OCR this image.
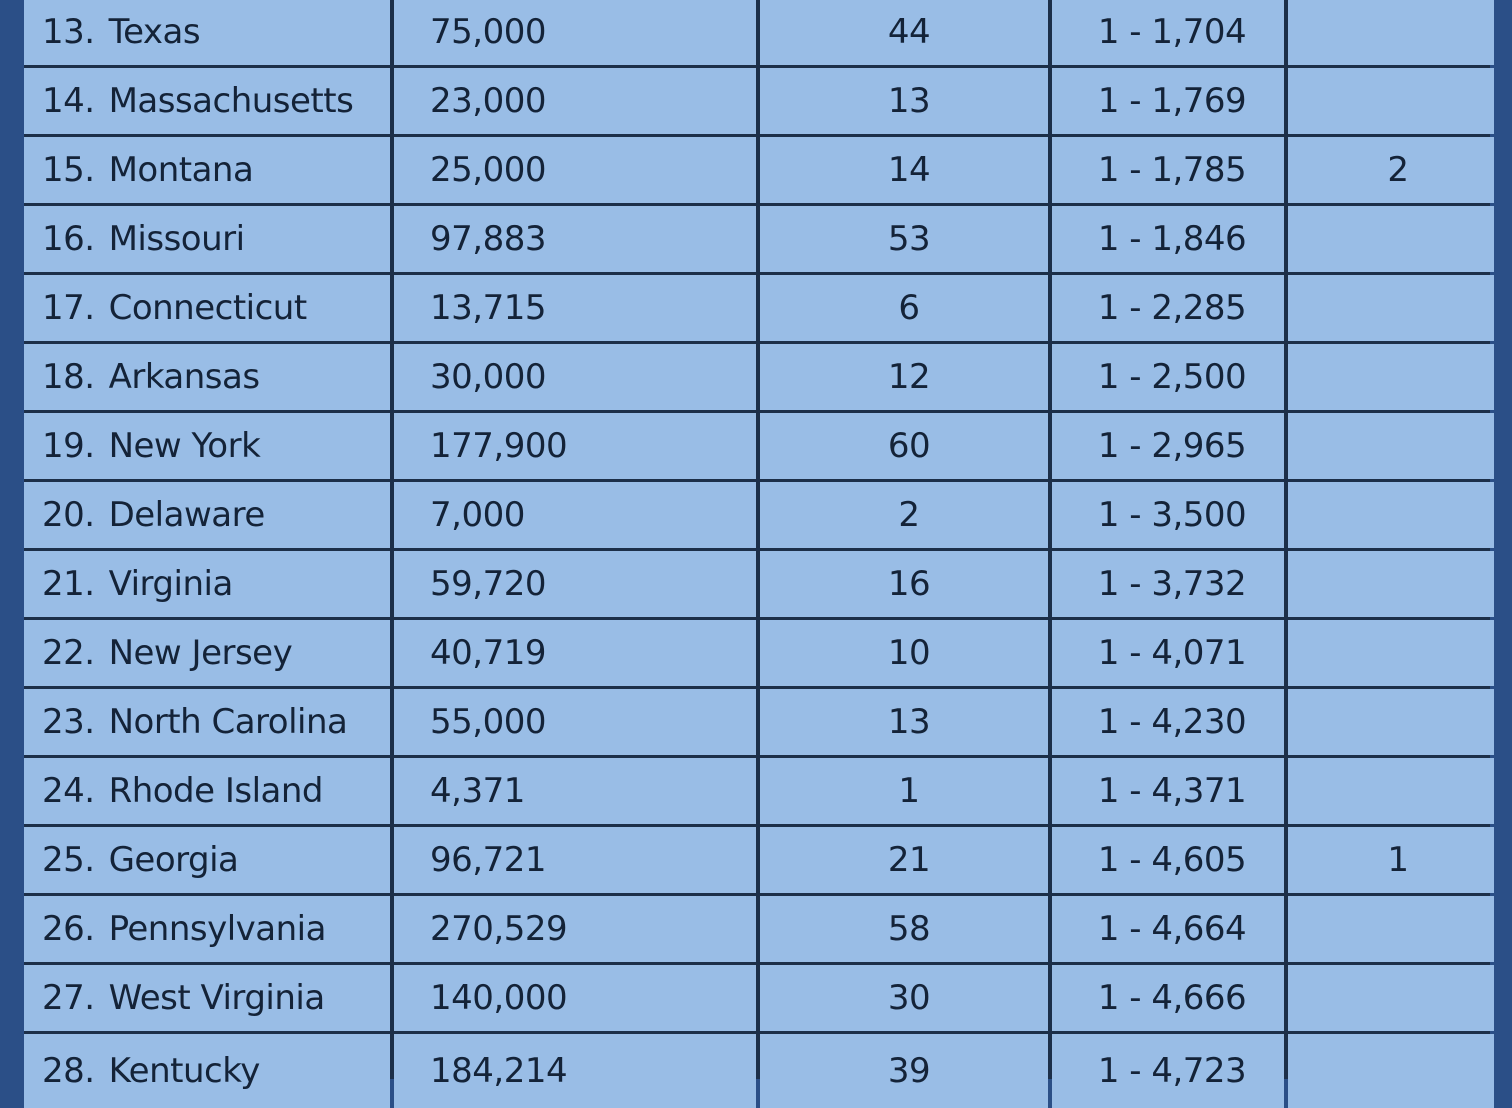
13. Texas	75,000	44	1 - 1,704
14. Massachusetts	23,000	13	1 - 1,769
15. Montana	25,000	14	1 - 1,785	2
16. Missouri	97,883	53	1 - 1,846
17. Connecticut	13,715	6	1 - 2,285
18. Arkansas	30,000	12	1 - 2,500
19. New York	177,900	60	1 - 2,965
20. Delaware	7,000	2	1 - 3,500
21. Virginia	59,720	16	1 - 3,732
22. New Jersey	40,719	10	1 - 4,071
23. North Carolina	55,000	13	1 - 4,230
24. Rhode Island	4,371	1	1 - 4,371
25. Georgia	96,721	21	1 - 4,605	1
26. Pennsylvania	270,529	58	1 - 4,664
27. West Virginia	140,000	30	1 - 4,666
28. Kentucky	184,214	39	1 - 4,723
